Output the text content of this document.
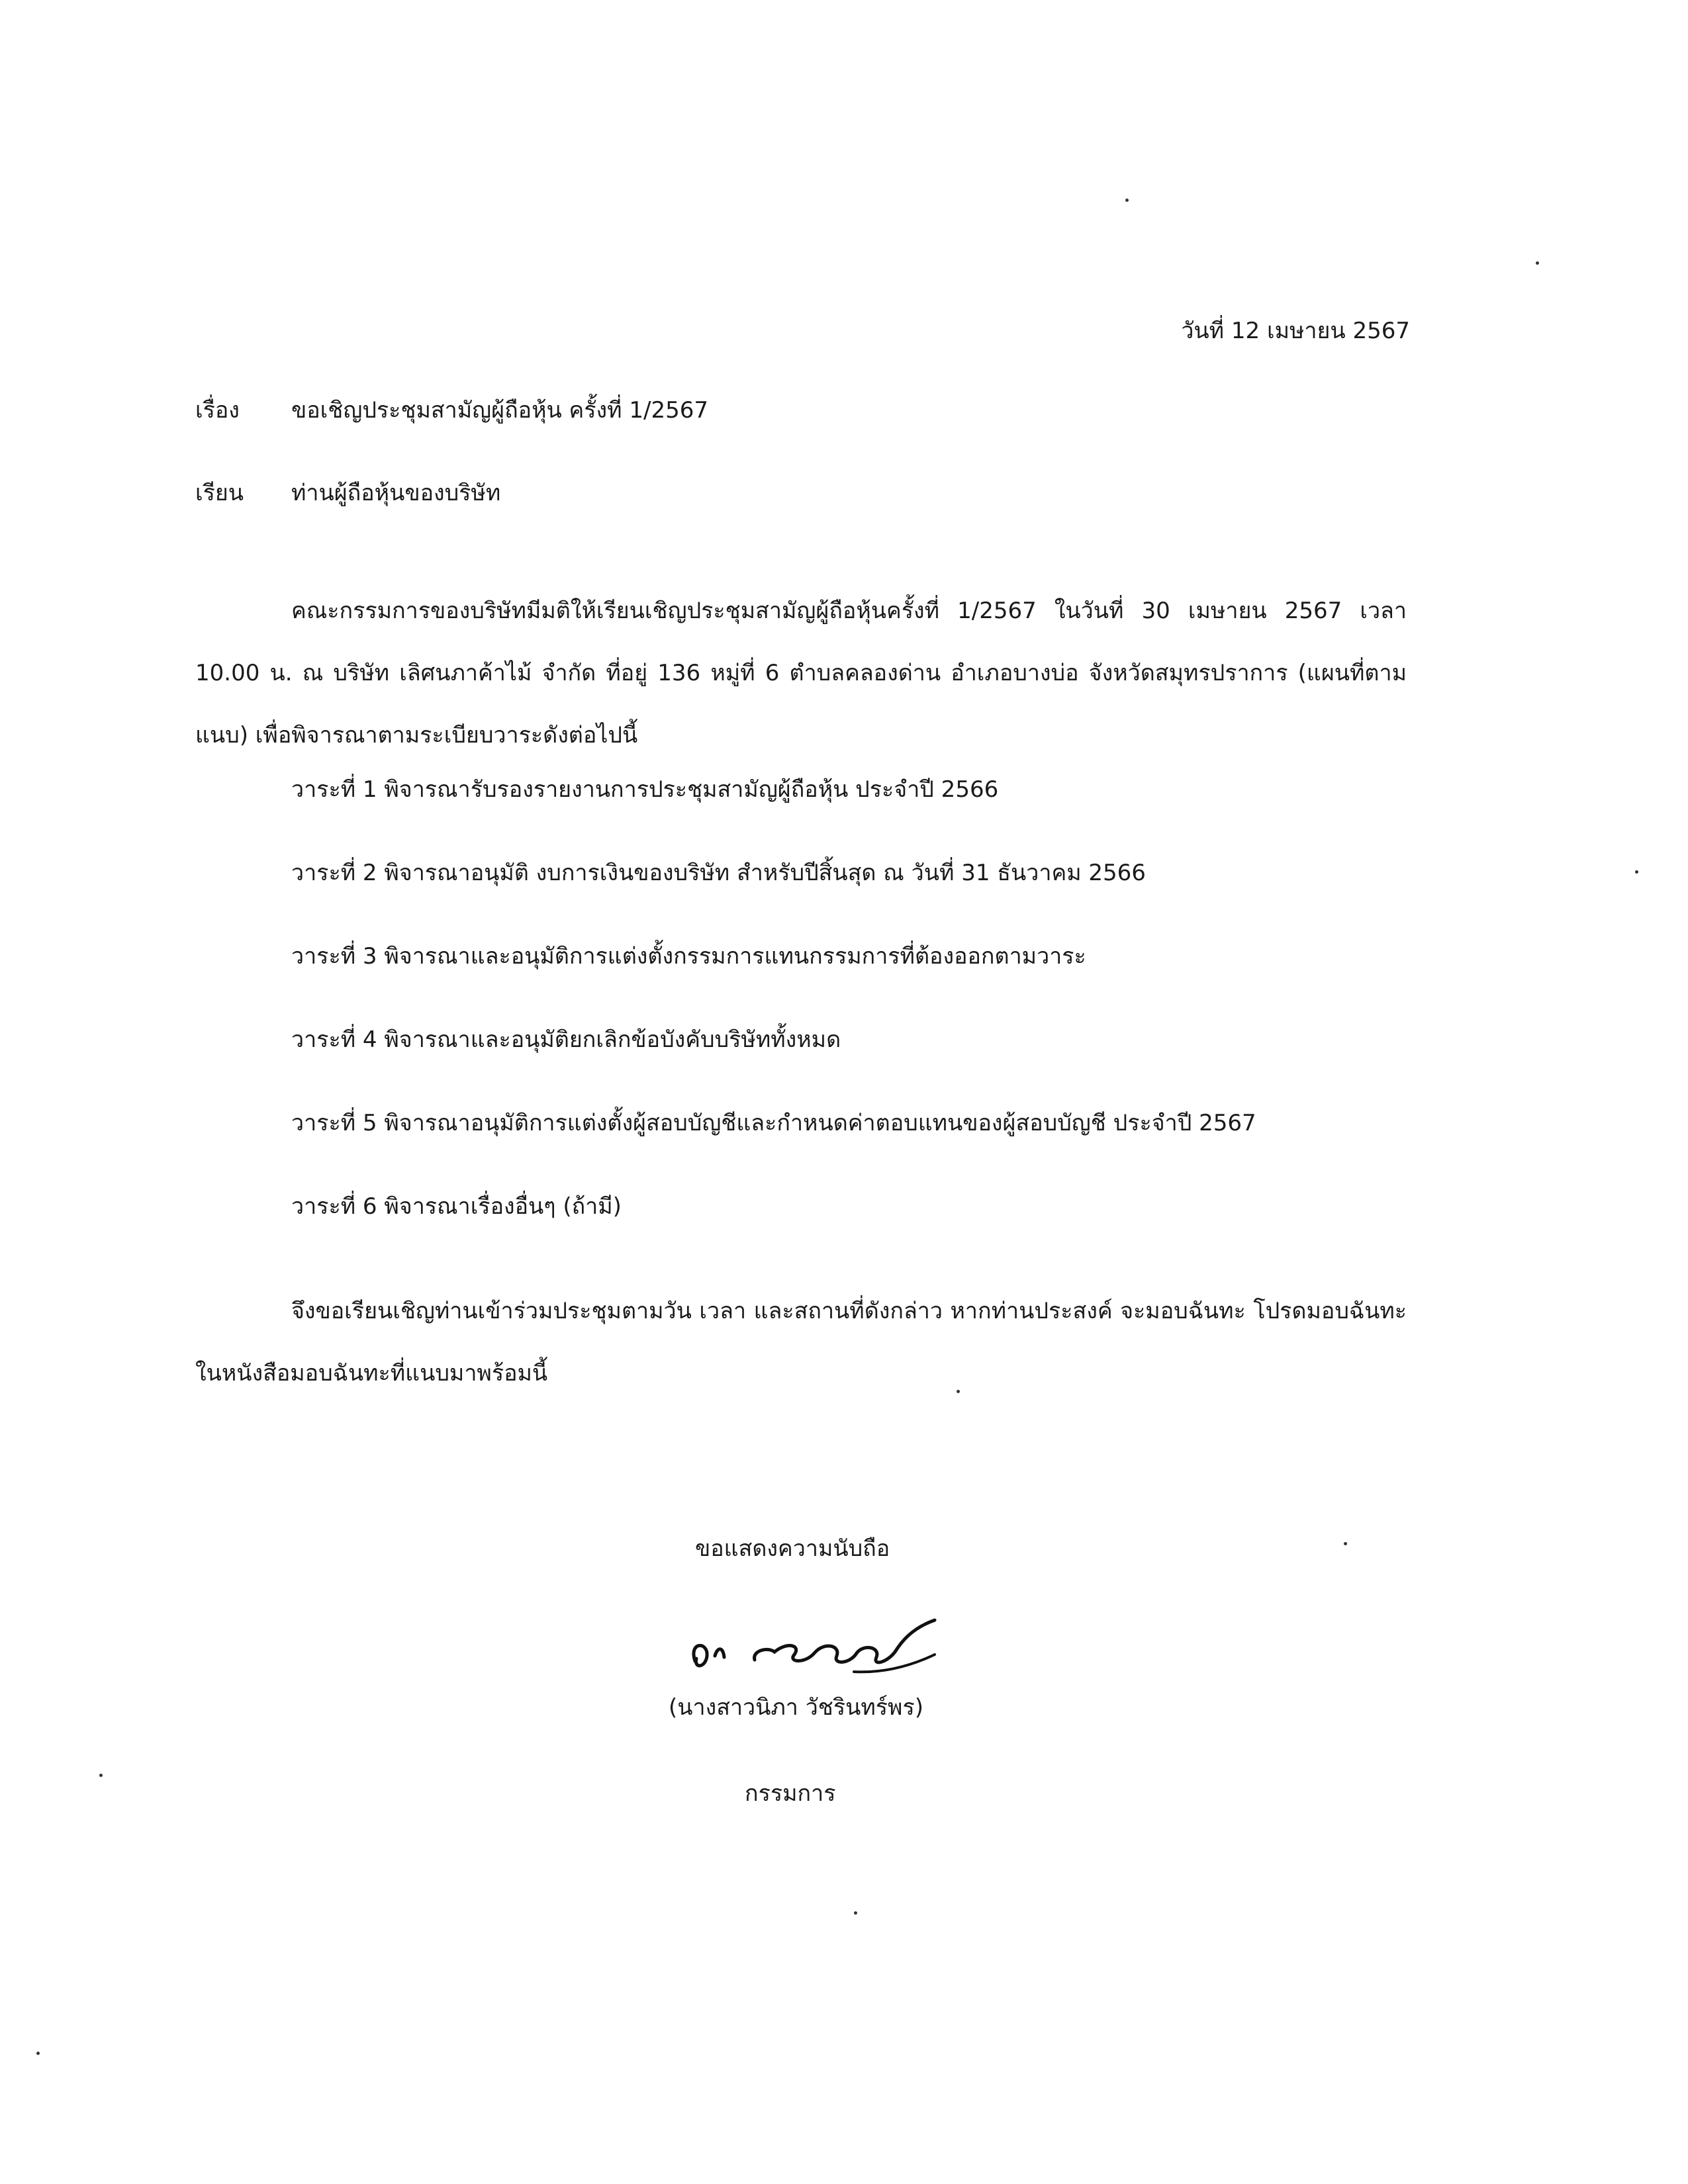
วันที่ 12 เมษายน 2567
เรื่อง ขอเชิญประชุมสามัญผู้ถือหุ้น ครั้งที่ 1/2567
เรียน ท่านผู้ถือหุ้นของบริษัท

คณะกรรมการของบริษัทมีมติให้เรียนเชิญประชุมสามัญผู้ถือหุ้นครั้งที่ 1/2567 ในวันที่ 30 เมษายน 2567 เวลา 10.00 น. ณ บริษัท เลิศนภาค้าไม้ จำกัด ที่อยู่ 136 หมู่ที่ 6 ตำบลคลองด่าน อำเภอบางบ่อ จังหวัดสมุทรปราการ (แผนที่ตามแนบ) เพื่อพิจารณาตามระเบียบวาระดังต่อไปนี้

วาระที่ 1 พิจารณารับรองรายงานการประชุมสามัญผู้ถือหุ้น ประจำปี 2566
วาระที่ 2 พิจารณาอนุมัติ งบการเงินของบริษัท สำหรับปีสิ้นสุด ณ วันที่ 31 ธันวาคม 2566
วาระที่ 3 พิจารณาและอนุมัติการแต่งตั้งกรรมการแทนกรรมการที่ต้องออกตามวาระ
วาระที่ 4 พิจารณาและอนุมัติยกเลิกข้อบังคับบริษัททั้งหมด
วาระที่ 5 พิจารณาอนุมัติการแต่งตั้งผู้สอบบัญชีและกำหนดค่าตอบแทนของผู้สอบบัญชี ประจำปี 2567
วาระที่ 6 พิจารณาเรื่องอื่นๆ (ถ้ามี)

จึงขอเรียนเชิญท่านเข้าร่วมประชุมตามวัน เวลา และสถานที่ดังกล่าว หากท่านประสงค์ จะมอบฉันทะ โปรดมอบฉันทะในหนังสือมอบฉันทะที่แนบมาพร้อมนี้

ขอแสดงความนับถือ
(นางสาวนิภา วัชรินทร์พร)
กรรมการ
